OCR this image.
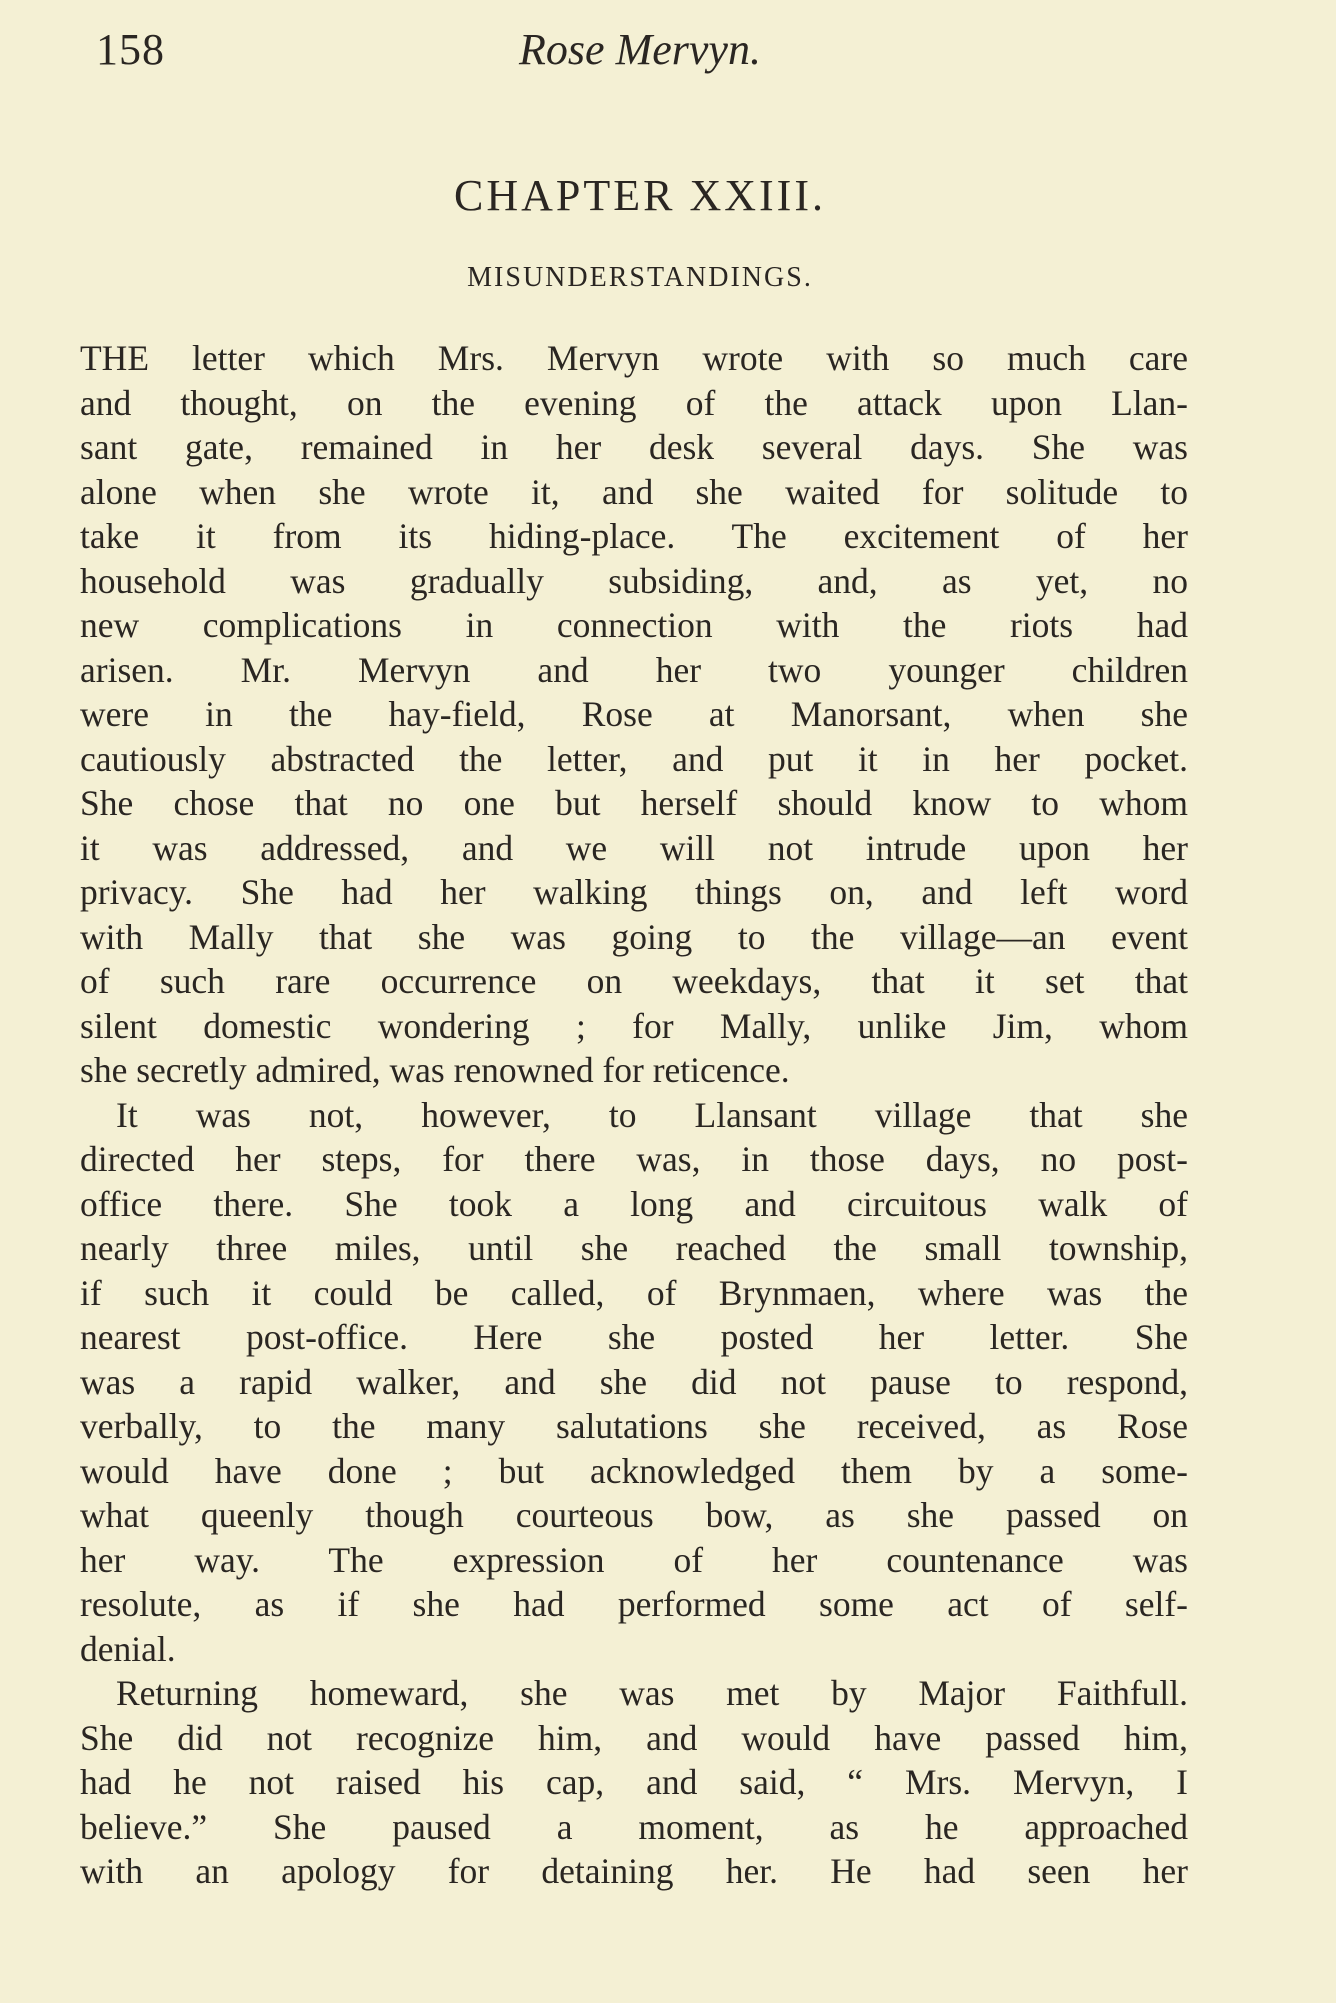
158	Rose Mervyn.
CHAPTER XXIII.
MISUNDERSTANDINGS.
THE letter which Mrs. Mervyn wrote with so much care
and thought, on the evening of the attack upon Llan-
sant gate, remained in her desk several days. She was
alone when she wrote it, and she waited for solitude to
take it from its hiding-place. The excitement of her
household was gradually subsiding, and, as yet, no
new complications in connection with the riots had
arisen. Mr. Mervyn and her two younger children
were in the hay-field, Rose at Manorsant, when she
cautiously abstracted the letter, and put it in her pocket.
She chose that no one but herself should know to whom
it was addressed, and we will not intrude upon her
privacy. She had her walking things on, and left word
with Mally that she was going to the village—an event
of such rare occurrence on weekdays, that it set that
silent domestic wondering ; for Mally, unlike Jim, whom
she secretly admired, was renowned for reticence.
It was not, however, to Llansant village that she
directed her steps, for there was, in those days, no post-
office there. She took a long and circuitous walk of
nearly three miles, until she reached the small township,
if such it could be called, of Brynmaen, where was the
nearest post-office. Here she posted her letter. She
was a rapid walker, and she did not pause to respond,
verbally, to the many salutations she received, as Rose
would have done ; but acknowledged them by a some-
what queenly though courteous bow, as she passed on
her way. The expression of her countenance was
resolute, as if she had performed some act of self-
denial.
Returning homeward, she was met by Major Faithfull.
She did not recognize him, and would have passed him,
had he not raised his cap, and said, “ Mrs. Mervyn, I
believe.” She paused a moment, as he approached
with an apology for detaining her. He had seen her
